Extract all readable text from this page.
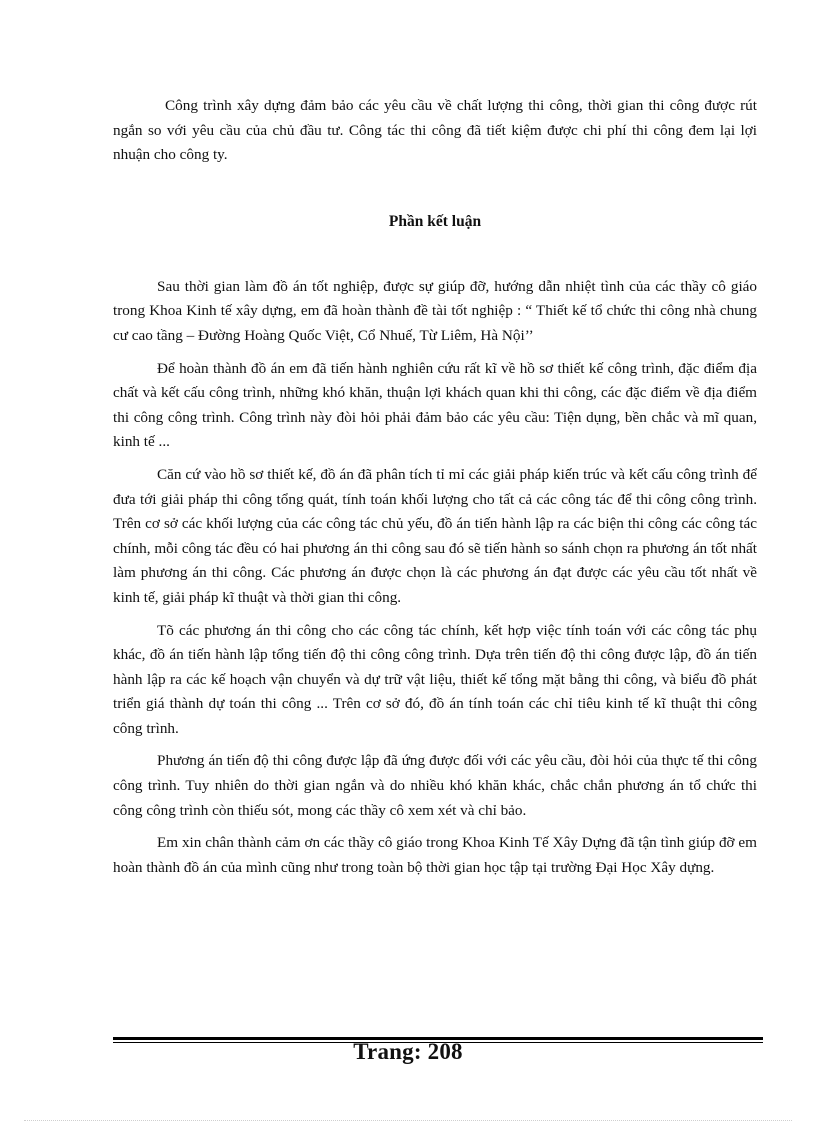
Công trình xây dựng đảm bảo các yêu cầu về chất lượng thi công, thời gian thi công được rút ngắn so với yêu cầu của chủ đầu tư. Công tác thi công đã tiết kiệm được chi phí thi công đem lại lợi nhuận cho công ty.

Phần kết luận

Sau thời gian làm đồ án tốt nghiệp, được sự giúp đỡ, hướng dẫn nhiệt tình của các thầy cô giáo trong Khoa Kinh tế xây dựng, em đã hoàn thành đề tài tốt nghiệp : “ Thiết kế tổ chức thi công nhà chung cư cao tầng – Đường Hoàng Quốc Việt, Cổ Nhuế, Từ Liêm, Hà Nội’’

Để hoàn thành đồ án em đã tiến hành nghiên cứu rất kĩ về hồ sơ thiết kế công trình, đặc điểm địa chất và kết cấu công trình, những khó khăn, thuận lợi khách quan khi thi công, các đặc điểm về địa điểm thi công công trình. Công trình này đòi hỏi phải đảm bảo các yêu cầu: Tiện dụng, bền chắc và mĩ quan, kinh tế ...

Căn cứ vào hồ sơ thiết kế, đồ án đã phân tích tỉ mỉ các giải pháp kiến trúc và kết cấu công trình để đưa tới giải pháp thi công tổng quát, tính toán khối lượng cho tất cả các công tác để thi công công trình. Trên cơ sở các khối lượng của các công tác chủ yếu, đồ án tiến hành lập ra các biện thi công các công tác chính, mỗi công tác đều có hai phương án thi công sau đó sẽ tiến hành so sánh chọn ra phương án tốt nhất làm phương án thi công. Các phương án được chọn là các phương án đạt được các yêu cầu tốt nhất về kinh tế, giải pháp kĩ thuật và thời gian thi công.

Tõ các phương án thi công cho các công tác chính, kết hợp việc tính toán với các công tác phụ khác, đồ án tiến hành lập tổng tiến độ thi công công trình. Dựa trên tiến độ thi công được lập, đồ án tiến hành lập ra các kế hoạch vận chuyển và dự trữ vật liệu, thiết kế tổng mặt bằng thi công, và biểu đồ phát triển giá thành dự toán thi công ... Trên cơ sở đó, đồ án tính toán các chỉ tiêu kinh tế kĩ thuật thi công công trình.

Phương án tiến độ thi công được lập đã ứng được đối với các yêu cầu, đòi hỏi của thực tế thi công công trình. Tuy nhiên do thời gian ngắn và do nhiều khó khăn khác, chắc chắn phương án tổ chức thi công công trình còn thiếu sót, mong các thầy cô xem xét và chỉ bảo.

Em xin chân thành cảm ơn các thầy cô giáo trong Khoa Kinh Tế Xây Dựng đã tận tình giúp đỡ em hoàn thành đồ án của mình cũng như trong toàn bộ thời gian học tập tại trường Đại Học Xây dựng.

Trang: 208
